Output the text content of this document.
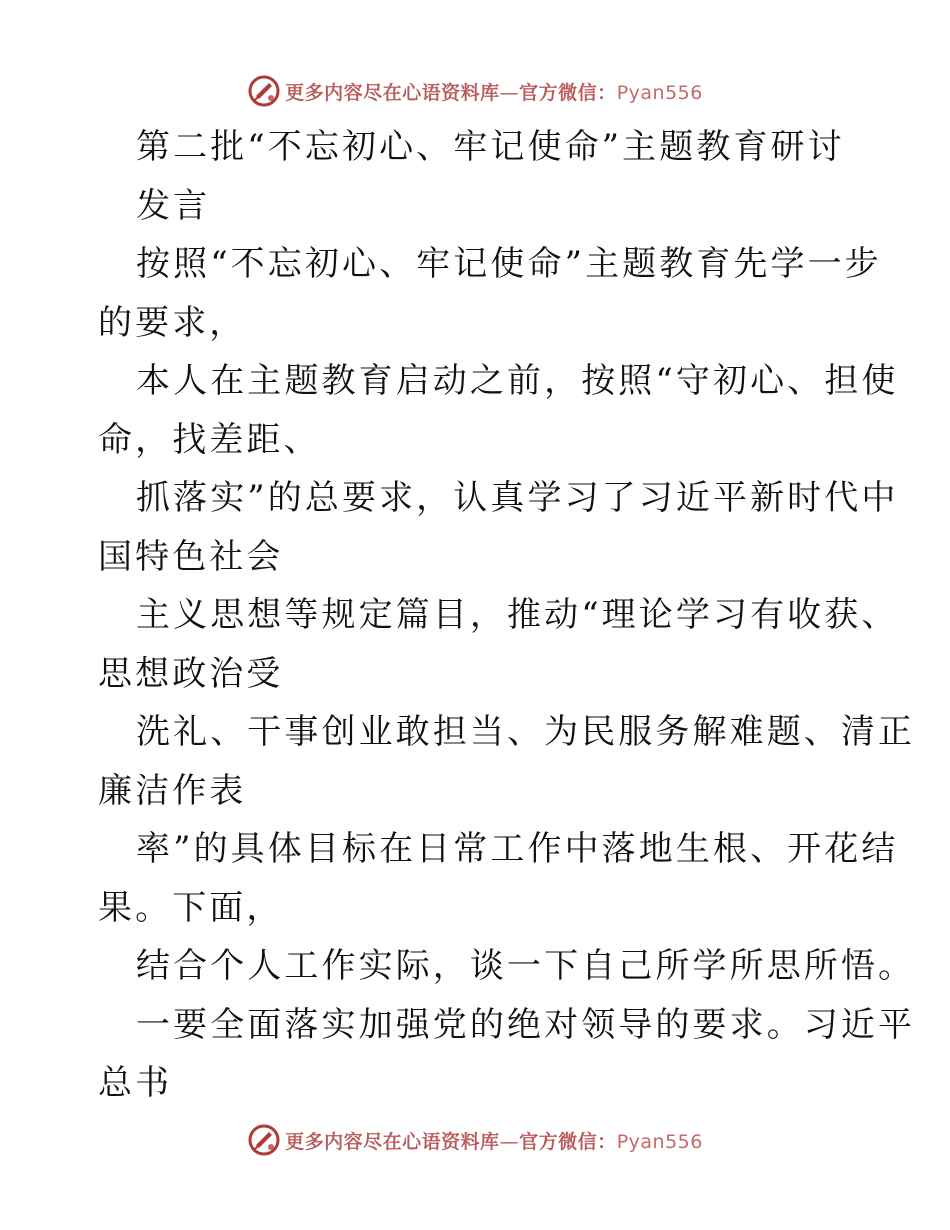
更多内容尽在心语资料库—官方微信：Pyan556
第二批“不忘初心、牢记使命”主题教育研讨
发言
按照“不忘初心、牢记使命”主题教育先学一步
的要求，
本人在主题教育启动之前，按照“守初心、担使
命，找差距、
抓落实”的总要求，认真学习了习近平新时代中
国特色社会
主义思想等规定篇目，推动“理论学习有收获、
思想政治受
洗礼、干事创业敢担当、为民服务解难题、清正
廉洁作表
率”的具体目标在日常工作中落地生根、开花结
果。下面，
结合个人工作实际，谈一下自己所学所思所悟。
一要全面落实加强党的绝对领导的要求。习近平
总书
更多内容尽在心语资料库—官方微信：Pyan556
